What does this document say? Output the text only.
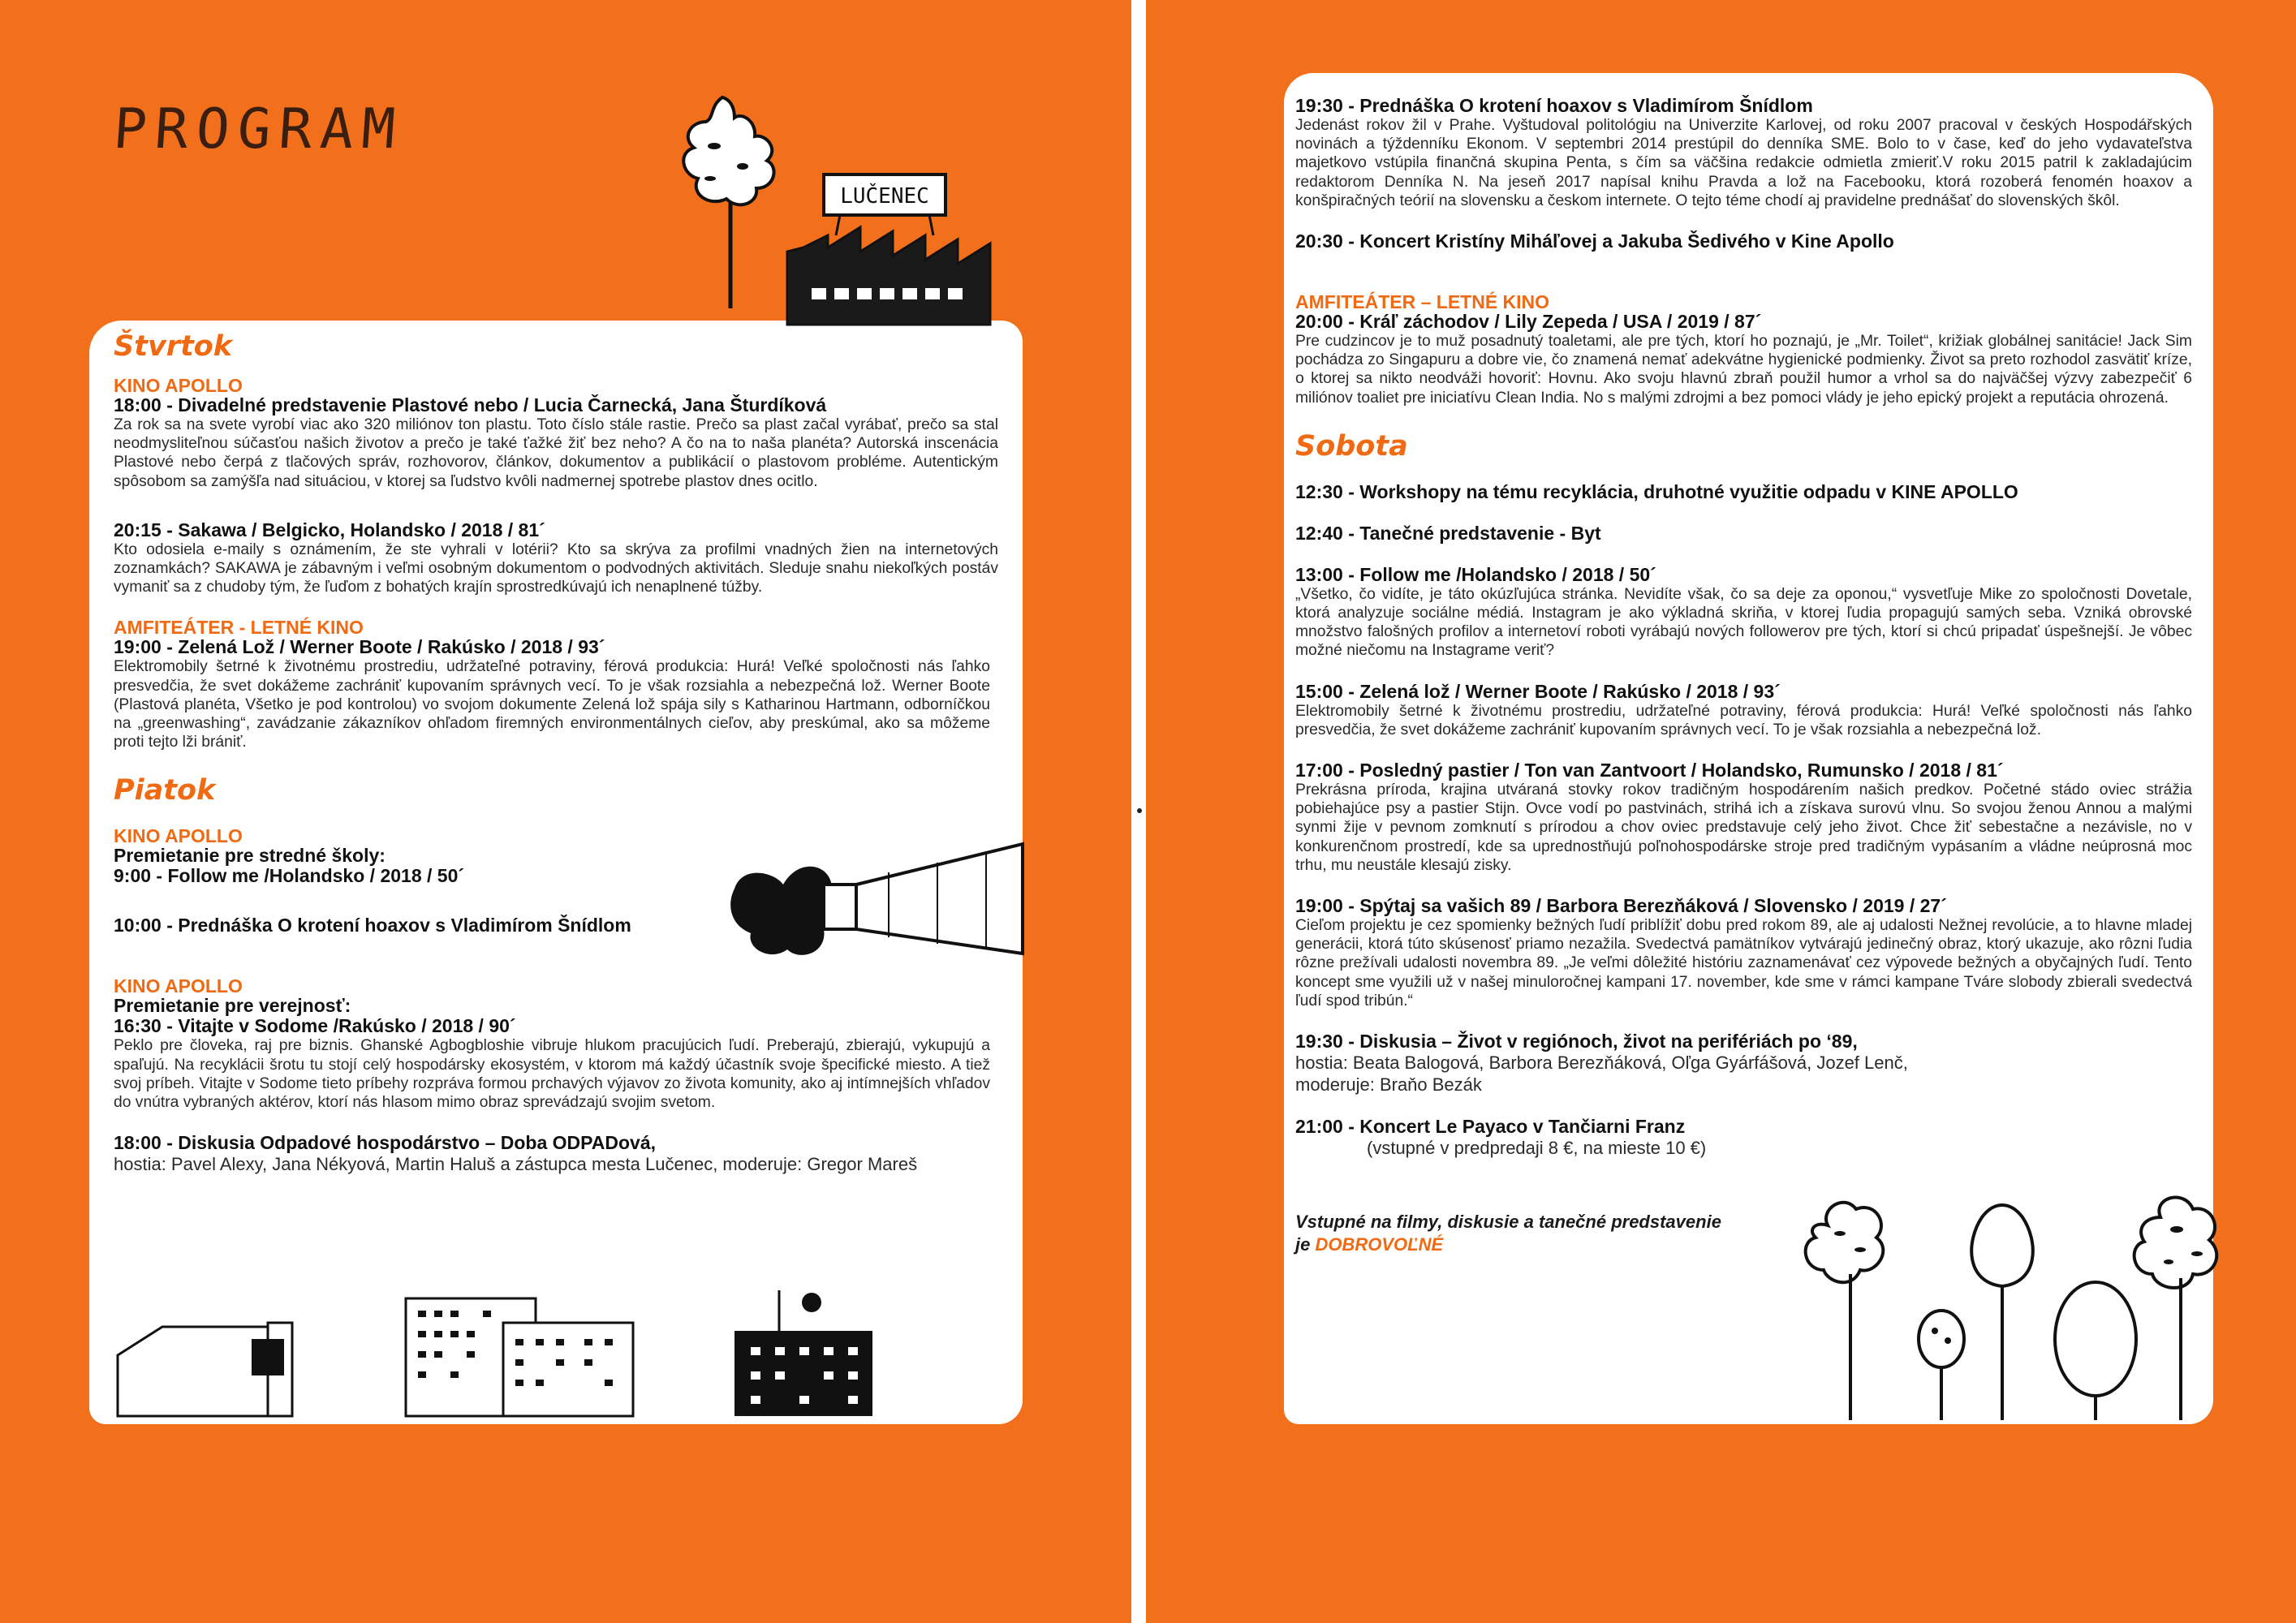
PROGRAM
LUČENEC
Štvrtok
KINO APOLLO
18:00 - Divadelné predstavenie Plastové nebo / Lucia Čarnecká, Jana Šturdíková
Za rok sa na svete vyrobí viac ako 320 miliónov ton plastu. Toto číslo stále rastie. Prečo sa plast začal vyrábať, prečo sa stal neodmysliteľnou súčasťou našich životov a prečo je také ťažké žiť bez neho? A čo na to naša planéta? Autorská inscenácia Plastové nebo čerpá z tlačových správ, rozhovorov, článkov, dokumentov a publikácií o plastovom probléme. Autentickým spôsobom sa zamýšľa nad situáciou, v ktorej sa ľudstvo kvôli nadmernej spotrebe plastov dnes ocitlo.
20:15 - Sakawa / Belgicko, Holandsko / 2018 / 81´
Kto odosiela e-maily s oznámením, že ste vyhrali v lotérii? Kto sa skrýva za profilmi vnadných žien na internetových zoznamkách? SAKAWA je zábavným i veľmi osobným dokumentom o podvodných aktivitách. Sleduje snahu niekoľkých postáv vymaniť sa z chudoby tým, že ľuďom z bohatých krajín sprostredkúvajú ich nenaplnené túžby.
AMFITEÁTER - LETNÉ KINO
19:00 - Zelená Lož / Werner Boote / Rakúsko / 2018 / 93´
Elektromobily šetrné k životnému prostrediu, udržateľné potraviny, férová produkcia: Hurá! Veľké spoločnosti nás ľahko presvedčia, že svet dokážeme zachrániť kupovaním správnych vecí. To je však rozsiahla a nebezpečná lož. Werner Boote (Plastová planéta, Všetko je pod kontrolou) vo svojom dokumente Zelená lož spája sily s Katharinou Hartmann, odborníčkou na „greenwashing“, zavádzanie zákazníkov ohľadom firemných environmentálnych cieľov, aby preskúmal, ako sa môžeme proti tejto lži brániť.
Piatok
KINO APOLLO
Premietanie pre stredné školy:
9:00 - Follow me /Holandsko / 2018 / 50´
10:00 - Prednáška O krotení hoaxov s Vladimírom Šnídlom
KINO APOLLO
Premietanie pre verejnosť:
16:30 - Vitajte v Sodome /Rakúsko / 2018 / 90´
Peklo pre človeka, raj pre biznis. Ghanské Agbogbloshie vibruje hlukom pracujúcich ľudí. Preberajú, zbierajú, vykupujú a spaľujú. Na recyklácii šrotu tu stojí celý hospodársky ekosystém, v ktorom má každý účastník svoje špecifické miesto. A tiež svoj príbeh. Vitajte v Sodome tieto príbehy rozpráva formou prchavých výjavov zo života komunity, ako aj intímnejších vhľadov do vnútra vybraných aktérov, ktorí nás hlasom mimo obraz sprevádzajú svojim svetom.
18:00 - Diskusia Odpadové hospodárstvo – Doba ODPADová,
hostia: Pavel Alexy, Jana Nékyová, Martin Haluš a zástupca mesta Lučenec, moderuje: Gregor Mareš
19:30 - Prednáška O krotení hoaxov s Vladimírom Šnídlom
Jedenást rokov žil v Prahe. Vyštudoval politológiu na Univerzite Karlovej, od roku 2007 pracoval v českých Hospodářských novinách a týždenníku Ekonom. V septembri 2014 prestúpil do denníka SME. Bolo to v čase, keď do jeho vydavateľstva majetkovo vstúpila finančná skupina Penta, s čím sa väčšina redakcie odmietla zmieriť.V roku 2015 patril k zakladajúcim redaktorom Denníka N. Na jeseň 2017 napísal knihu Pravda a lož na Facebooku, ktorá rozoberá fenomén hoaxov a konšpiračných teórií na slovensku a českom internete. O tejto téme chodí aj pravidelne prednášať do slovenských škôl.
20:30 - Koncert Kristíny Miháľovej a Jakuba Šedivého v Kine Apollo
AMFITEÁTER – LETNÉ KINO
20:00 - Kráľ záchodov / Lily Zepeda / USA / 2019 / 87´
Pre cudzincov je to muž posadnutý toaletami, ale pre tých, ktorí ho poznajú, je „Mr. Toilet“, križiak globálnej sanitácie! Jack Sim pochádza zo Singapuru a dobre vie, čo znamená nemať adekvátne hygienické podmienky. Život sa preto rozhodol zasvätiť kríze, o ktorej sa nikto neodváži hovoriť: Hovnu. Ako svoju hlavnú zbraň použil humor a vrhol sa do najväčšej výzvy zabezpečiť 6 miliónov toaliet pre iniciatívu Clean India. No s malými zdrojmi a bez pomoci vlády je jeho epický projekt a reputácia ohrozená.
Sobota
12:30 - Workshopy na tému recyklácia, druhotné využitie odpadu v KINE APOLLO
12:40 - Tanečné predstavenie - Byt
13:00 - Follow me /Holandsko / 2018 / 50´
„Všetko, čo vidíte, je táto okúzľujúca stránka. Nevidíte však, čo sa deje za oponou,“ vysvetľuje Mike zo spoločnosti Dovetale, ktorá analyzuje sociálne médiá. Instagram je ako výkladná skriňa, v ktorej ľudia propagujú samých seba. Vzniká obrovské množstvo falošných profilov a internetoví roboti vyrábajú nových followerov pre tých, ktorí si chcú pripadať úspešnejší. Je vôbec možné niečomu na Instagrame veriť?
15:00 - Zelená lož / Werner Boote / Rakúsko / 2018 / 93´
Elektromobily šetrné k životnému prostrediu, udržateľné potraviny, férová produkcia: Hurá! Veľké spoločnosti nás ľahko presvedčia, že svet dokážeme zachrániť kupovaním správnych vecí. To je však rozsiahla a nebezpečná lož.
17:00 - Posledný pastier / Ton van Zantvoort / Holandsko, Rumunsko / 2018 / 81´
Prekrásna príroda, krajina utváraná stovky rokov tradičným hospodárením našich predkov. Početné stádo oviec strážia pobiehajúce psy a pastier Stijn. Ovce vodí po pastvinách, strihá ich a získava surovú vlnu. So svojou ženou Annou a malými synmi žije v pevnom zomknutí s prírodou a chov oviec predstavuje celý jeho život. Chce žiť sebestačne a nezávisle, no v konkurenčnom prostredí, kde sa uprednostňujú poľnohospodárske stroje pred tradičným vypásaním a vládne neúprosná moc trhu, mu neustále klesajú zisky.
19:00 - Spýtaj sa vašich 89 / Barbora Berezňáková / Slovensko / 2019 / 27´
Cieľom projektu je cez spomienky bežných ľudí priblížiť dobu pred rokom 89, ale aj udalosti Nežnej revolúcie, a to hlavne mladej generácii, ktorá túto skúsenosť priamo nezažila. Svedectvá pamätníkov vytvárajú jedinečný obraz, ktorý ukazuje, ako rôzni ľudia rôzne prežívali udalosti novembra 89. „Je veľmi dôležité históriu zaznamenávať cez výpovede bežných a obyčajných ľudí. Tento koncept sme využili už v našej minuloročnej kampani 17. november, kde sme v rámci kampane Tváre slobody zbierali svedectvá ľudí spod tribún.“
19:30 - Diskusia – Život v regiónoch, život na perifériách po ‘89,
hostia: Beata Balogová, Barbora Berezňáková, Oľga Gyárfášová, Jozef Lenč,
moderuje: Braňo Bezák
21:00 - Koncert Le Payaco v Tančiarni Franz
(vstupné v predpredaji 8 €, na mieste 10 €)
Vstupné na filmy, diskusie a tanečné predstavenie
je DOBROVOĽNÉ
